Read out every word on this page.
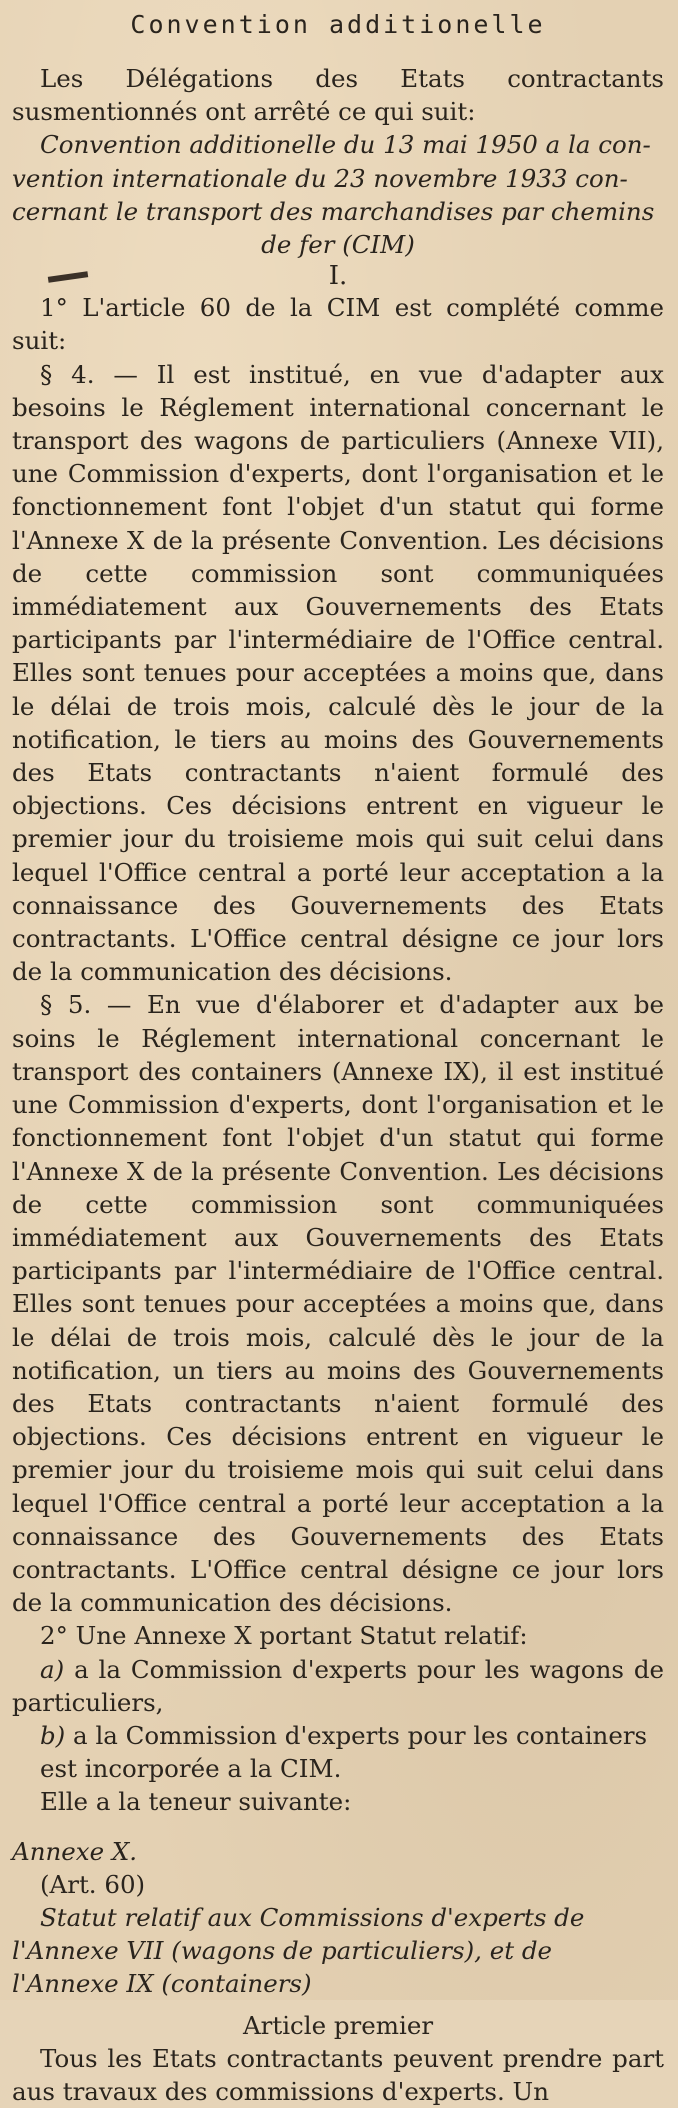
Convention additionelle

Les Délégations des Etats contractants susmentionnés ont arrêté ce qui suit:

Convention additionelle du 13 mai 1950 a la con-

vention internationale du 23 novembre 1933 con-

cernant le transport des marchandises par chemins

de fer (CIM)

I.

1° L'article 60 de la CIM est complété comme suit:

§ 4. — Il est institué, en vue d'adapter aux besoins le Réglement international concernant le transport des wagons de particuliers (Annexe VII), une Commission d'experts, dont l'organisation et le fonctionnement font l'objet d'un statut qui forme l'Annexe X de la présente Convention. Les décisions de cette commission sont communiquées immédiatement aux Gouvernements des Etats participants par l'intermédiaire de l'Office central. Elles sont tenues pour acceptées a moins que, dans le délai de trois mois, calculé dès le jour de la notification, le tiers au moins des Gouvernements des Etats contractants n'aient formulé des objections. Ces décisions entrent en vigueur le premier jour du troisieme mois qui suit celui dans lequel l'Office central a porté leur acceptation a la connaissance des Gouvernements des Etats contractants. L'Office central désigne ce jour lors de la communication des décisions.

§ 5. — En vue d'élaborer et d'adapter aux be soins le Réglement international concernant le transport des containers (Annexe IX), il est institué une Commission d'experts, dont l'organisation et le fonctionnement font l'objet d'un statut qui forme l'Annexe X de la présente Convention. Les décisions de cette commission sont communiquées immédiatement aux Gouvernements des Etats participants par l'intermédiaire de l'Office central. Elles sont tenues pour acceptées a moins que, dans le délai de trois mois, calculé dès le jour de la notification, un tiers au moins des Gouvernements des Etats contractants n'aient formulé des objections. Ces décisions entrent en vigueur le premier jour du troisieme mois qui suit celui dans lequel l'Office central a porté leur acceptation a la connaissance des Gouvernements des Etats contractants. L'Office central désigne ce jour lors de la communication des décisions.

2° Une Annexe X portant Statut relatif:

a) a la Commission d'experts pour les wagons de particuliers,

b) a la Commission d'experts pour les containers

est incorporée a la CIM.

Elle a la teneur suivante:

Annexe X.

(Art. 60)

Statut relatif aux Commissions d'experts de

l'Annexe VII (wagons de particuliers), et de

l'Annexe IX (containers)

Article premier

Tous les Etats contractants peuvent prendre part aus travaux des commissions d'experts. Un
